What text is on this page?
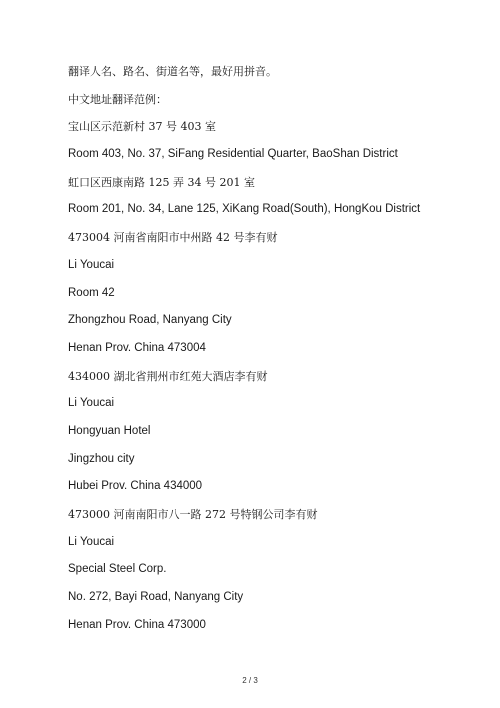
翻译人名、路名、街道名等，最好用拼音。
中文地址翻译范例：
宝山区示范新村 37 号 403 室
Room 403, No. 37, SiFang Residential Quarter, BaoShan District
虹口区西康南路 125 弄 34 号 201 室
Room 201, No. 34, Lane 125, XiKang Road(South), HongKou District
473004 河南省南阳市中州路 42 号李有财
Li Youcai
Room 42
Zhongzhou Road, Nanyang City
Henan Prov. China 473004
434000 湖北省荆州市红苑大酒店李有财
Li Youcai
Hongyuan Hotel
Jingzhou city
Hubei Prov. China 434000
473000 河南南阳市八一路 272 号特钢公司李有财
Li Youcai
Special Steel Corp.
No. 272, Bayi Road, Nanyang City
Henan Prov. China 473000
2 / 3
